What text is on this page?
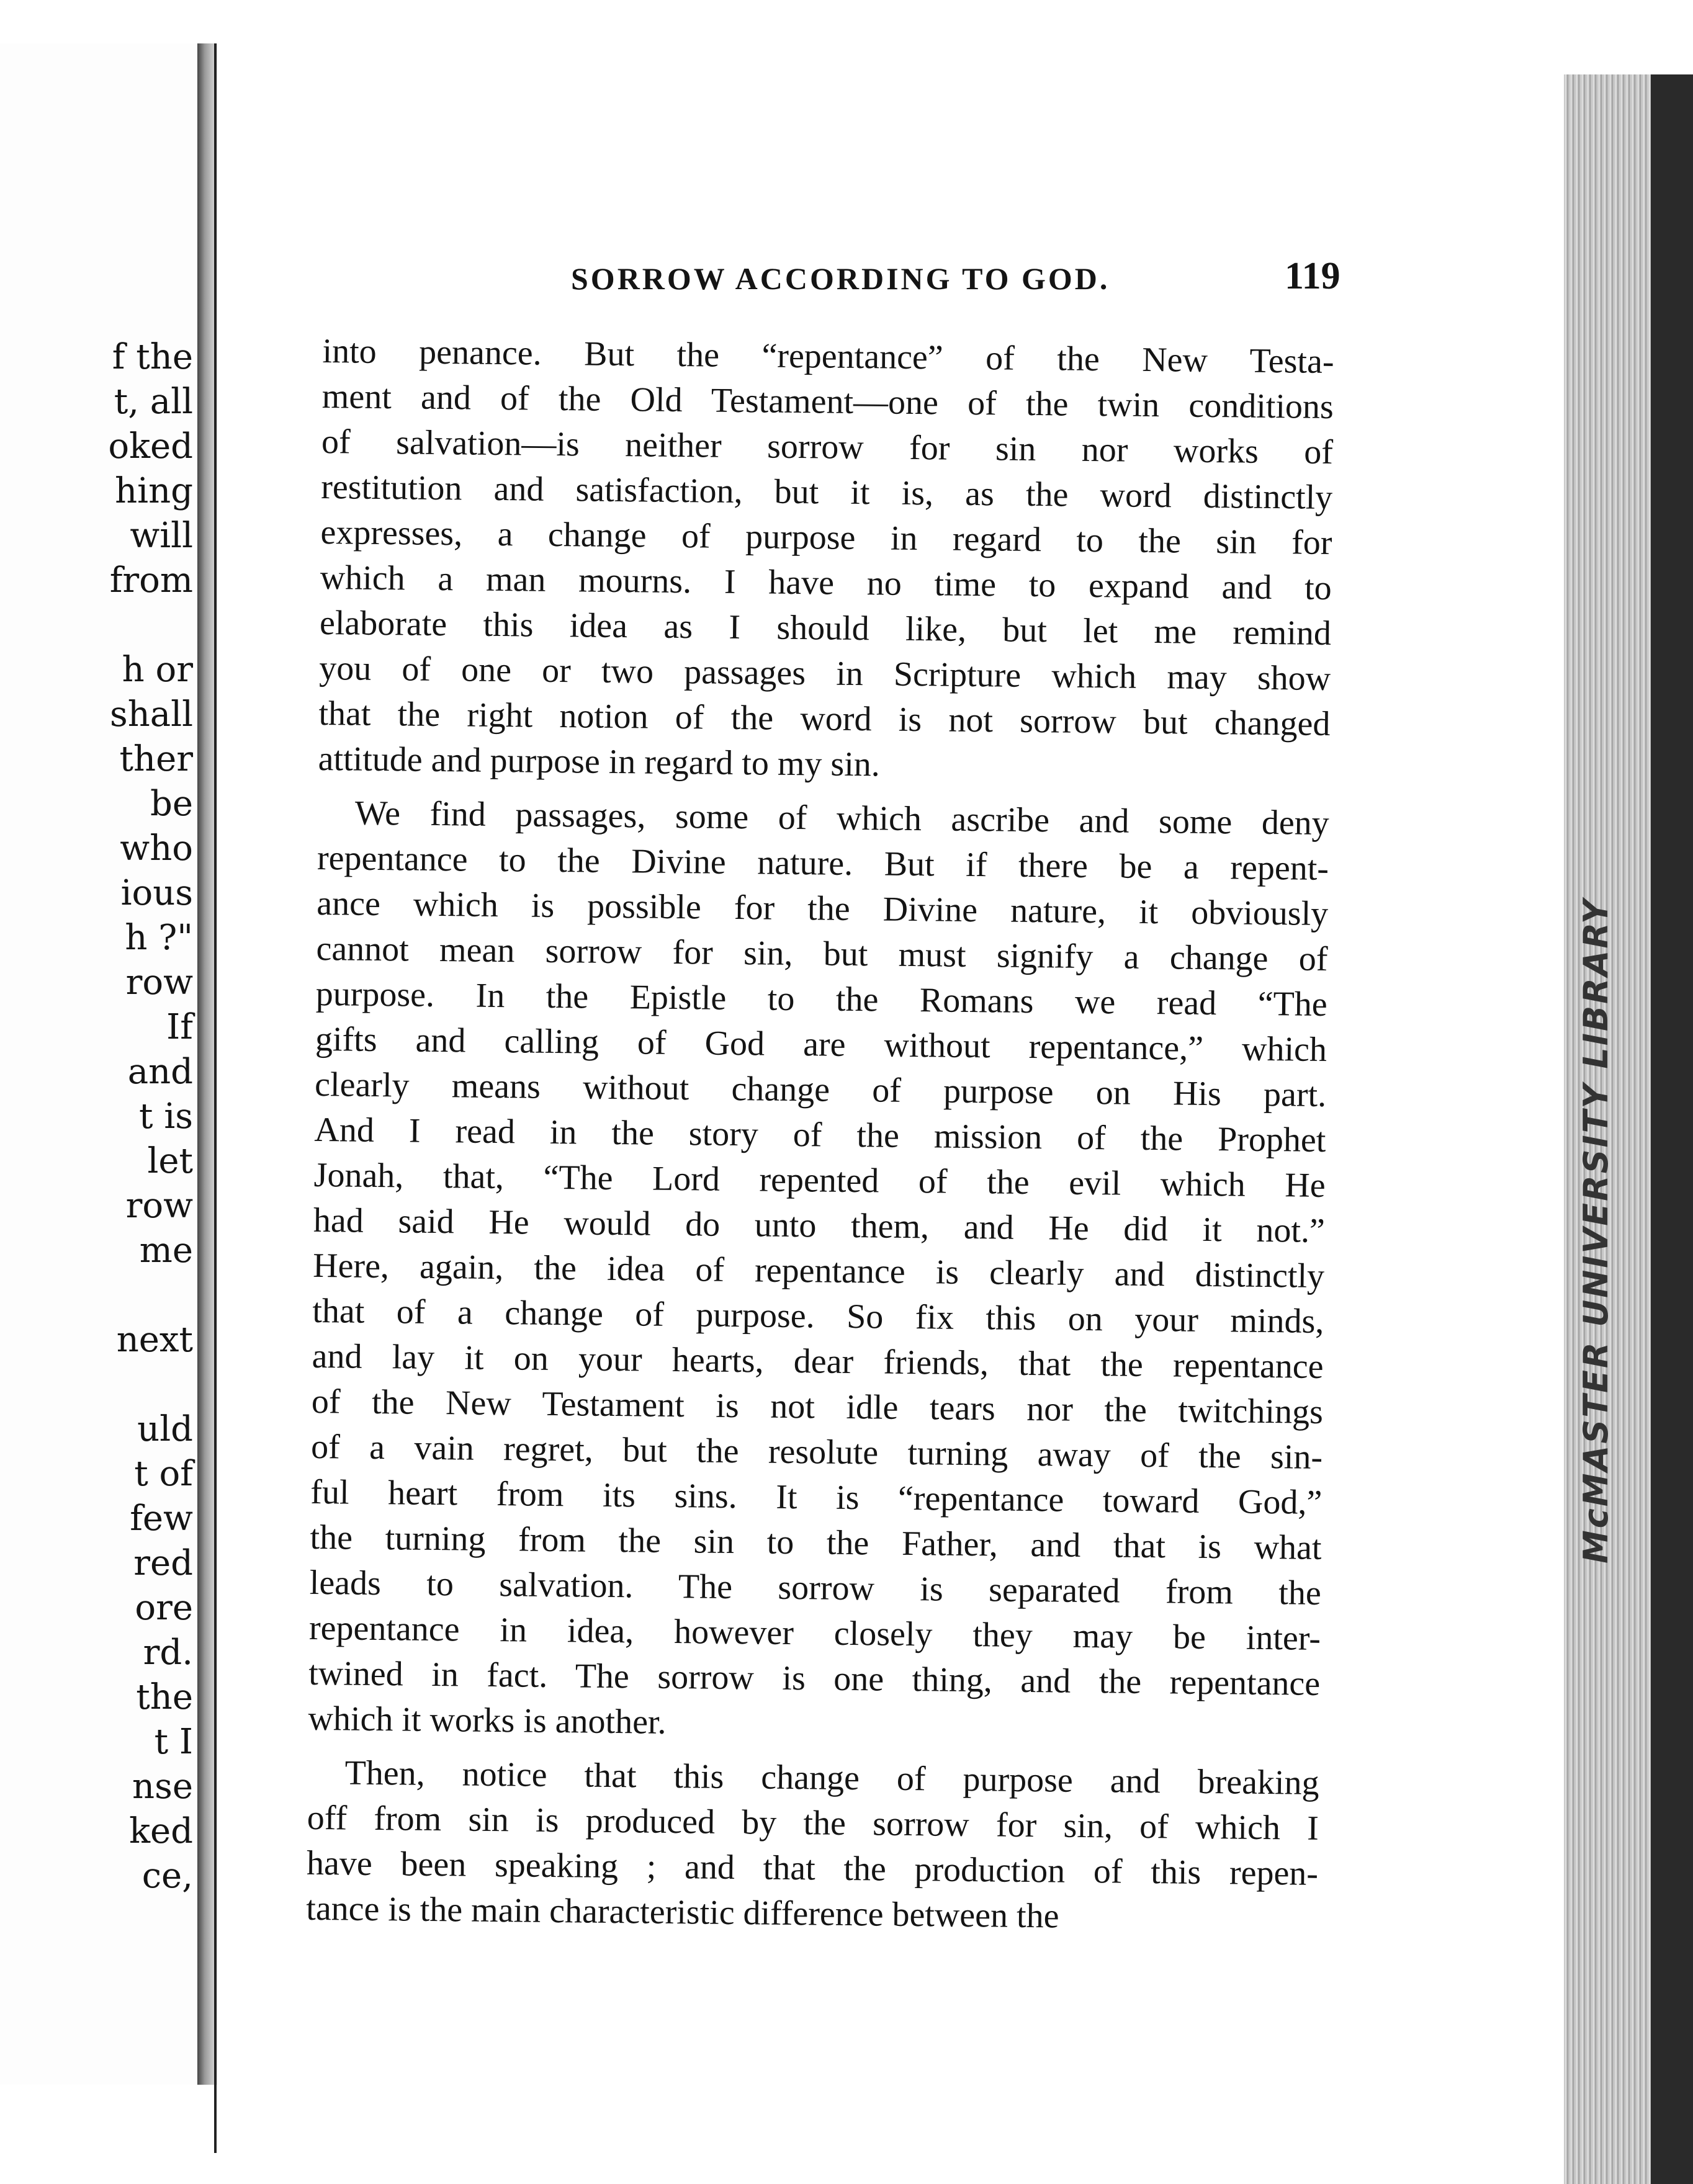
f the
t, all
oked
hing
will
from
h or
shall
ther
be
who
ious
h ?"
row
If
and
t is
let
row
me
next
uld
t of
few
red
ore
rd.
the
t I
nse
ked
ce,
SORROW ACCORDING TO GOD.	119
into penance. But the “repentance” of the New Testa-
ment and of the Old Testament—one of the twin conditions
of salvation—is neither sorrow for sin nor works of
restitution and satisfaction, but it is, as the word distinctly
expresses, a change of purpose in regard to the sin for
which a man mourns. I have no time to expand and to
elaborate this idea as I should like, but let me remind
you of one or two passages in Scripture which may show
that the right notion of the word is not sorrow but changed
attitude and purpose in regard to my sin.
We find passages, some of which ascribe and some deny
repentance to the Divine nature. But if there be a repent-
ance which is possible for the Divine nature, it obviously
cannot mean sorrow for sin, but must signify a change of
purpose. In the Epistle to the Romans we read “The
gifts and calling of God are without repentance,” which
clearly means without change of purpose on His part.
And I read in the story of the mission of the Prophet
Jonah, that, “The Lord repented of the evil which He
had said He would do unto them, and He did it not.”
Here, again, the idea of repentance is clearly and distinctly
that of a change of purpose. So fix this on your minds,
and lay it on your hearts, dear friends, that the repentance
of the New Testament is not idle tears nor the twitchings
of a vain regret, but the resolute turning away of the sin-
ful heart from its sins. It is “repentance toward God,”
the turning from the sin to the Father, and that is what
leads to salvation. The sorrow is separated from the
repentance in idea, however closely they may be inter-
twined in fact. The sorrow is one thing, and the repentance
which it works is another.
Then, notice that this change of purpose and breaking
off from sin is produced by the sorrow for sin, of which I
have been speaking ; and that the production of this repen-
tance is the main characteristic difference between the
McMASTER UNIVERSITY LIBRARY
